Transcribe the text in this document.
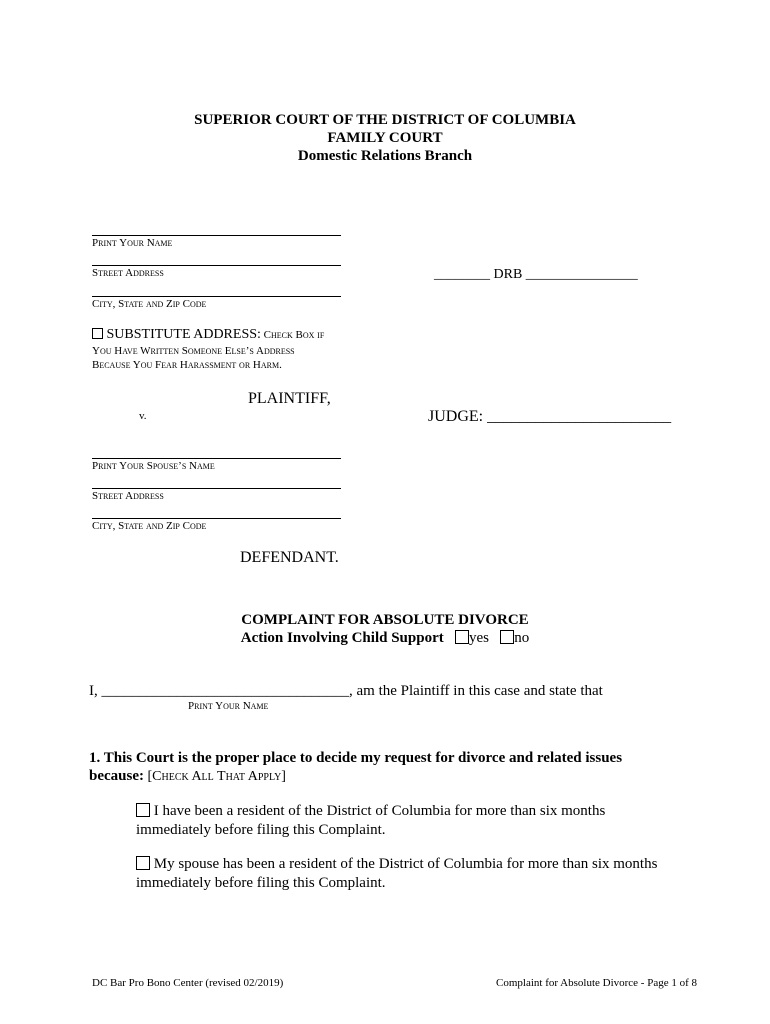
SUPERIOR COURT OF THE DISTRICT OF COLUMBIA
FAMILY COURT
Domestic Relations Branch
Print Your Name
Street Address
City, State and Zip Code
SUBSTITUTE ADDRESS: Check Box if
You Have Written Someone Else’s Address
Because You Fear Harassment or Harm.
PLAINTIFF,
v.

________ DRB ________________

JUDGE: _______________________

Print Your Spouse’s Name
Street Address
City, State and Zip Code
DEFENDANT.
COMPLAINT FOR ABSOLUTE DIVORCE
Action Involving Child Support yes no
I, _________________________________, am the Plaintiff in this case and state that
Print Your Name
1. This Court is the proper place to decide my request for divorce and related issues
because: [Check All That Apply]
I have been a resident of the District of Columbia for more than six months
immediately before filing this Complaint.
My spouse has been a resident of the District of Columbia for more than six months
immediately before filing this Complaint.
DC Bar Pro Bono Center (revised 02/2019)	Complaint for Absolute Divorce - Page 1 of 8
